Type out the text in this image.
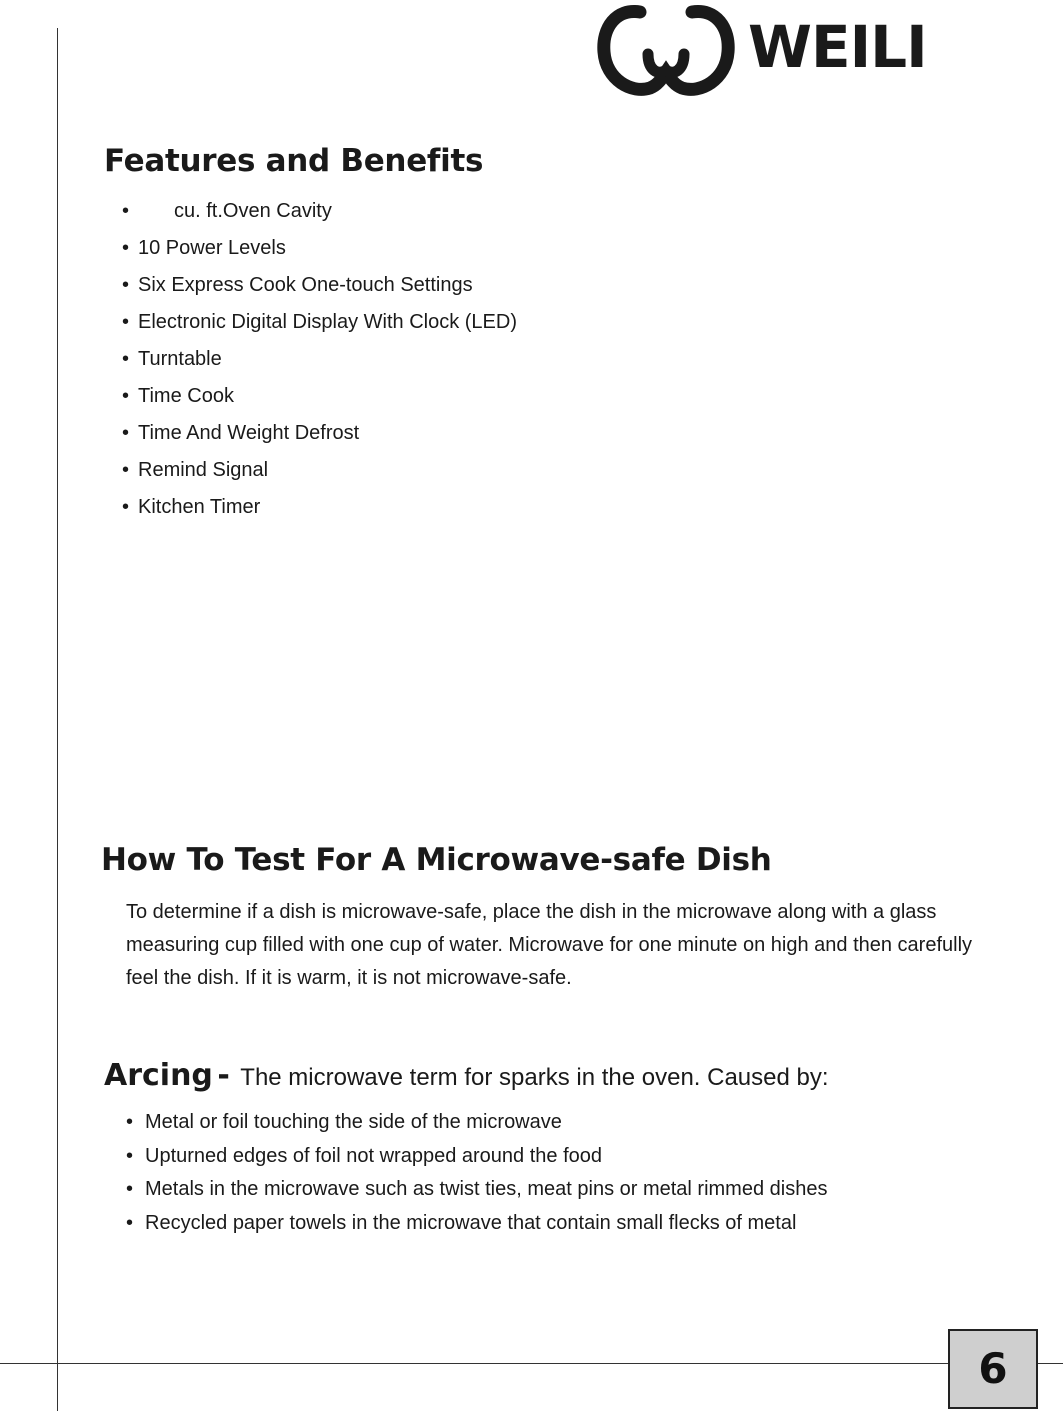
WEILI
Features and Benefits
• cu. ft.Oven Cavity
• 10 Power Levels
• Six Express Cook One-touch Settings
• Electronic Digital Display With Clock (LED)
• Turntable
• Time Cook
• Time And Weight Defrost
• Remind Signal
• Kitchen Timer
How To Test For A Microwave-safe Dish

To determine if a dish is microwave-safe, place the dish in the microwave along with a glass measuring cup filled with one cup of water. Microwave for one minute on high and then carefully feel the dish. If it is warm, it is not microwave-safe.

Arcing - The microwave term for sparks in the oven. Caused by:
• Metal or foil touching the side of the microwave
• Upturned edges of foil not wrapped around the food
• Metals in the microwave such as twist ties, meat pins or metal rimmed dishes
• Recycled paper towels in the microwave that contain small flecks of metal
6
